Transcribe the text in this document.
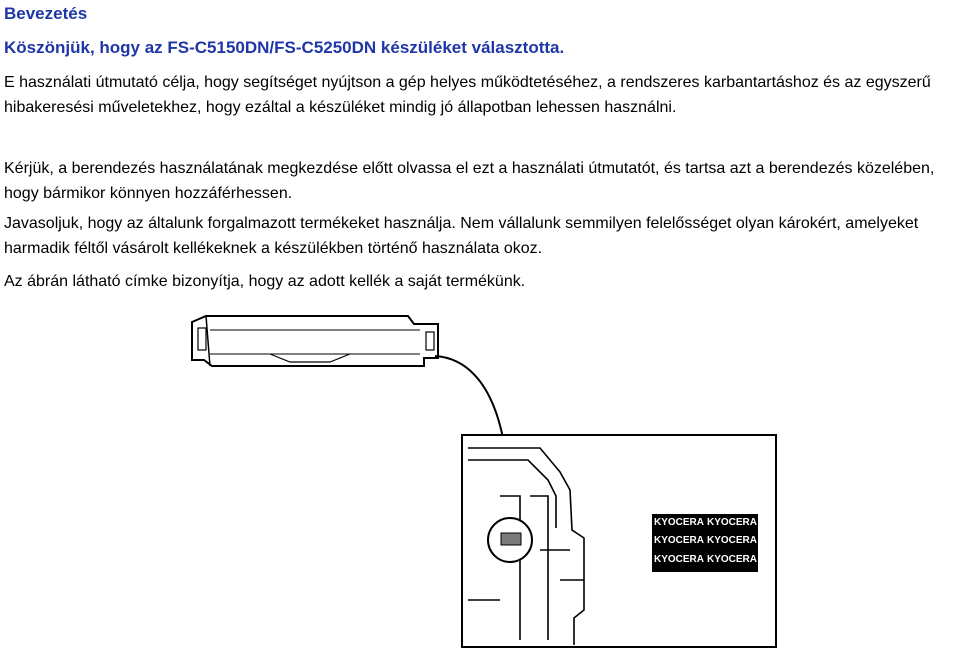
Bevezetés
Köszönjük, hogy az FS-C5150DN/FS-C5250DN készüléket választotta.

E használati útmutató célja, hogy segítséget nyújtson a gép helyes működtetéséhez, a rendszeres karbantartáshoz és az egyszerű hibakeresési műveletekhez, hogy ezáltal a készüléket mindig jó állapotban lehessen használni.

Kérjük, a berendezés használatának megkezdése előtt olvassa el ezt a használati útmutatót, és tartsa azt a berendezés közelében, hogy bármikor könnyen hozzáférhessen.

Javasoljuk, hogy az általunk forgalmazott termékeket használja. Nem vállalunk semmilyen felelősséget olyan károkért, amelyeket harmadik féltől vásárolt kellékeknek a készülékben történő használata okoz.

Az ábrán látható címke bizonyítja, hogy az adott kellék a saját termékünk.

KYOCERA KYOCERA
KYOCERA KYOCERA
KYOCERA KYOCERA
